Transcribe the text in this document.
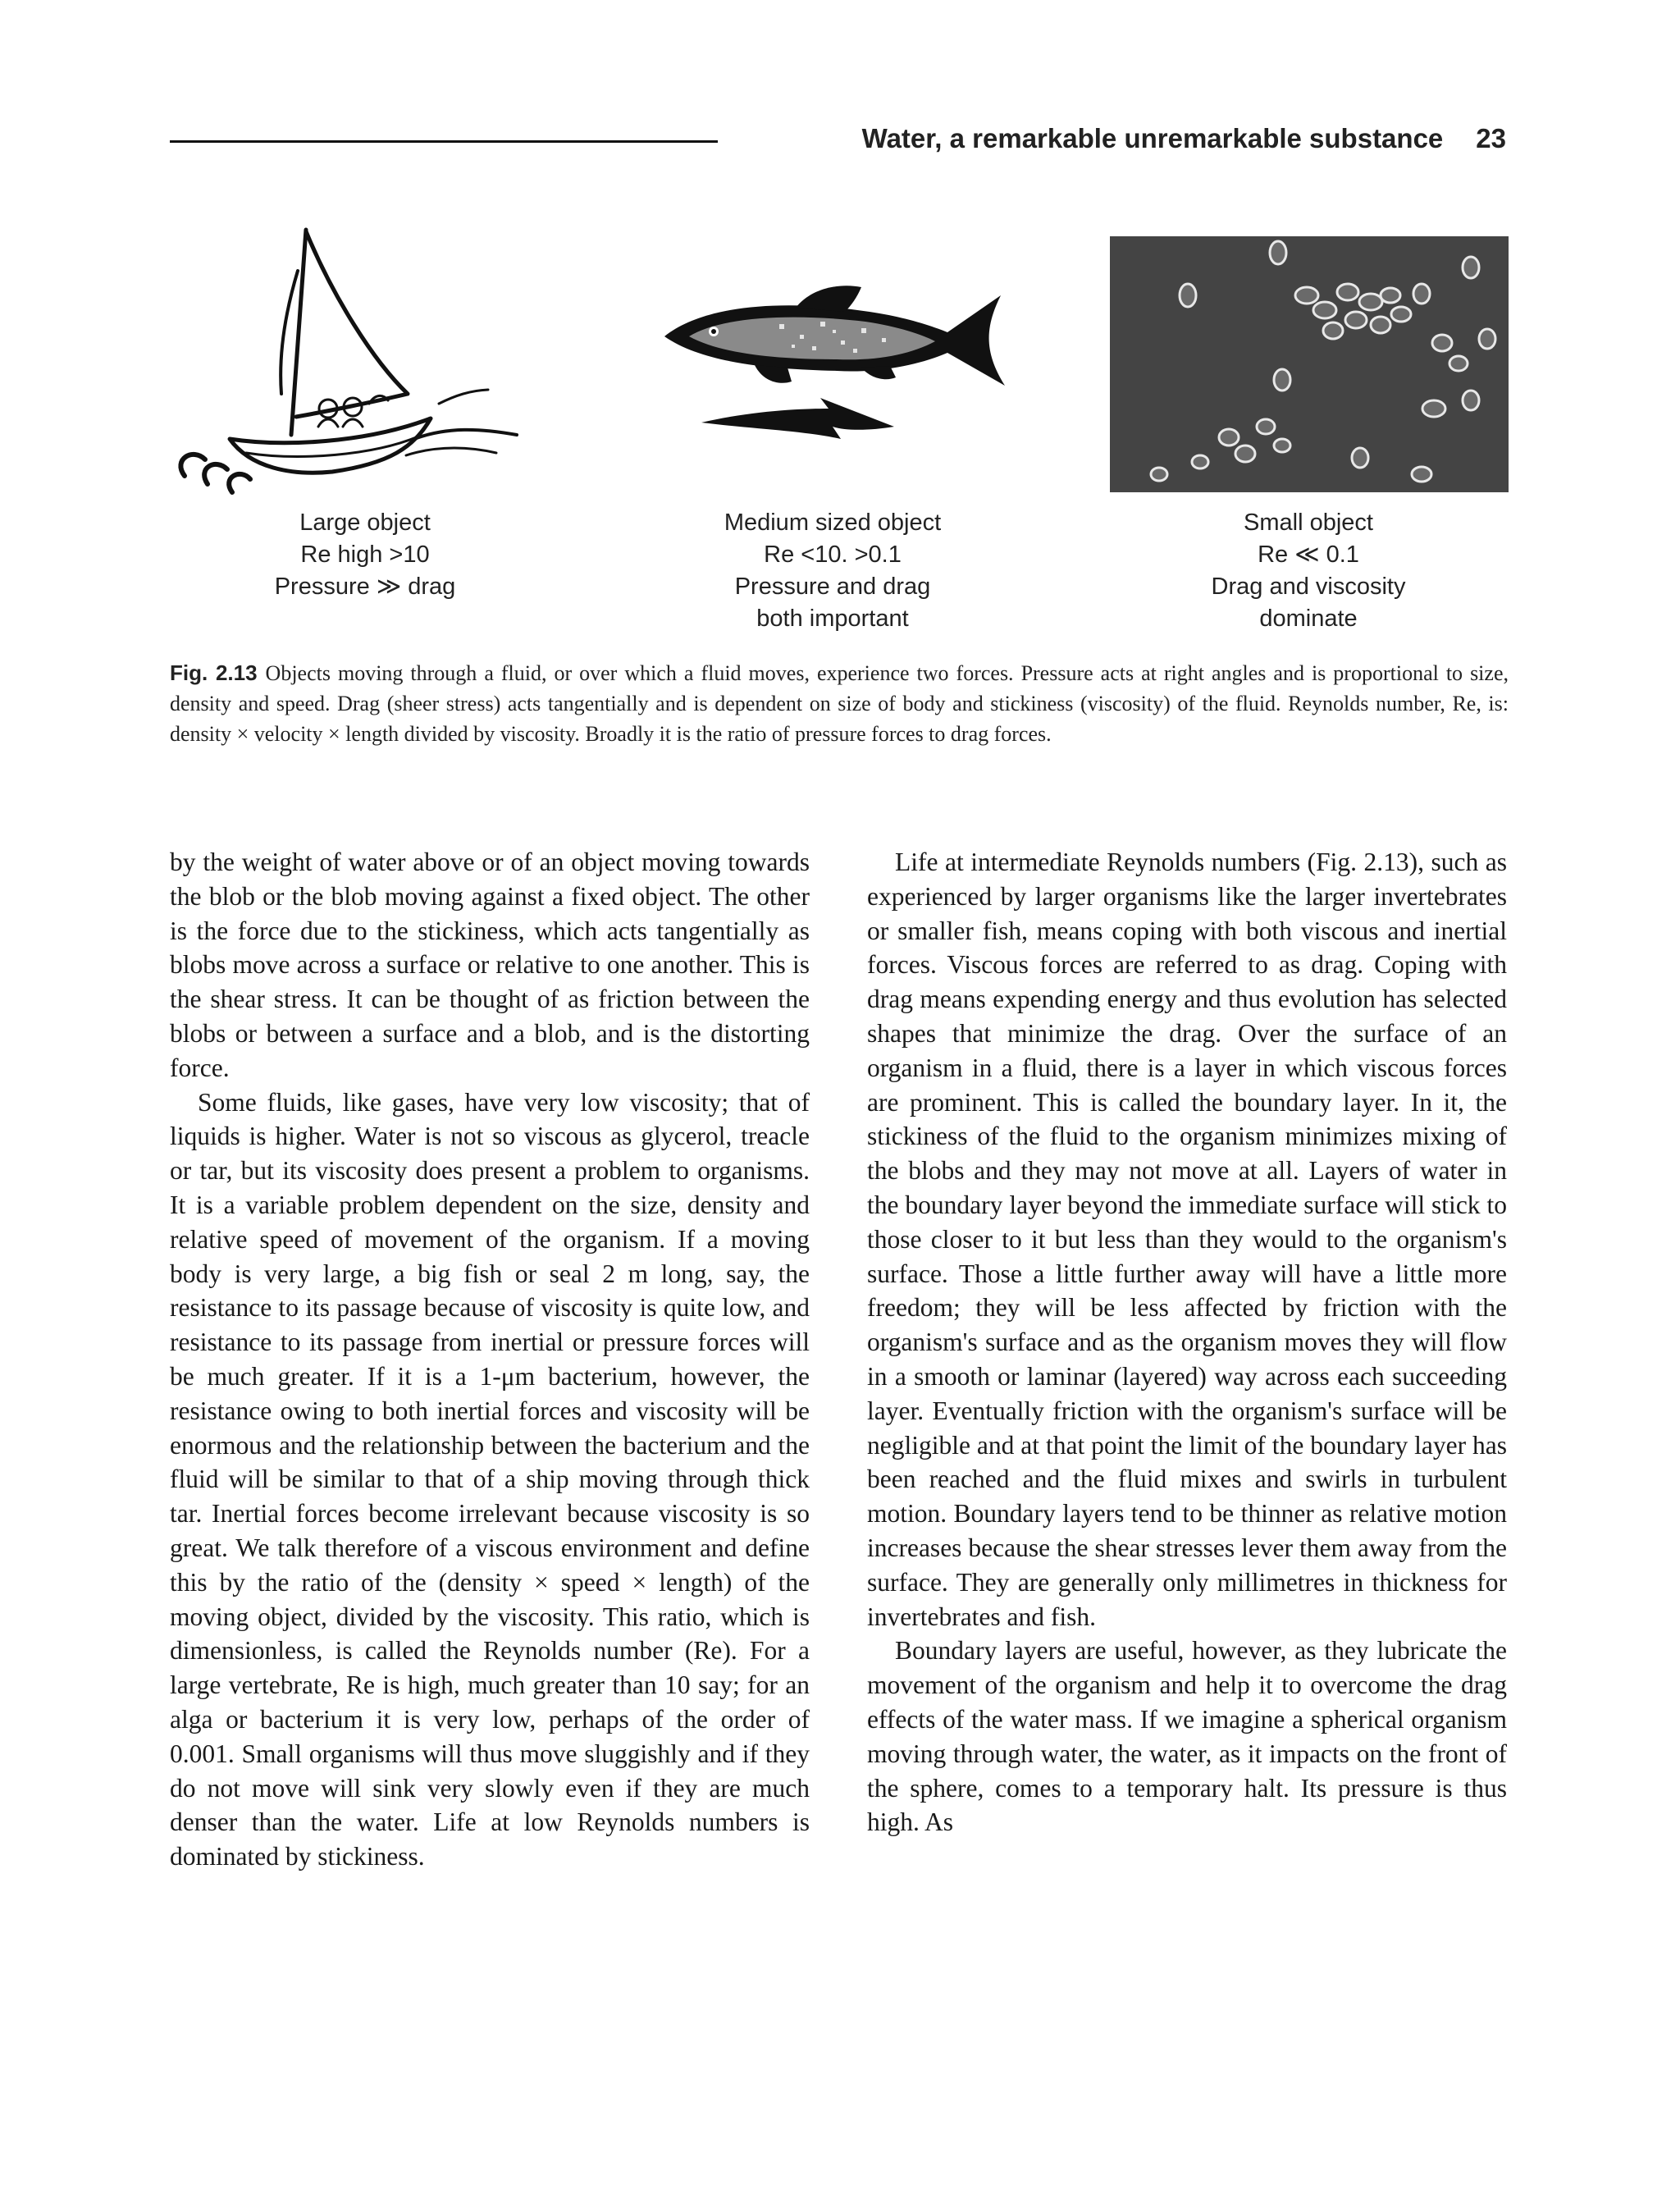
Water, a remarkable unremarkable substance 23
Large object
Re high >10
Pressure ≫ drag
Medium sized object
Re <10. >0.1
Pressure and drag
both important
Small object
Re ≪ 0.1
Drag and viscosity
dominate
Fig. 2.13 Objects moving through a fluid, or over which a fluid moves, experience two forces. Pressure acts at right angles and is proportional to size, density and speed. Drag (sheer stress) acts tangentially and is dependent on size of body and stickiness (viscosity) of the fluid. Reynolds number, Re, is: density × velocity × length divided by viscosity. Broadly it is the ratio of pressure forces to drag forces.

by the weight of water above or of an object moving towards the blob or the blob moving against a fixed object. The other is the force due to the stickiness, which acts tangentially as blobs move across a surface or relative to one another. This is the shear stress. It can be thought of as friction between the blobs or between a surface and a blob, and is the distorting force.

Some fluids, like gases, have very low viscosity; that of liquids is higher. Water is not so viscous as glycerol, treacle or tar, but its viscosity does present a problem to organisms. It is a variable problem dependent on the size, density and relative speed of movement of the organism. If a moving body is very large, a big fish or seal 2 m long, say, the resistance to its passage because of viscosity is quite low, and resistance to its passage from inertial or pressure forces will be much greater. If it is a 1-μm bacterium, however, the resistance owing to both inertial forces and viscosity will be enormous and the relationship between the bacterium and the fluid will be similar to that of a ship moving through thick tar. Inertial forces become irrelevant because viscosity is so great. We talk therefore of a viscous environment and define this by the ratio of the (density × speed × length) of the moving object, divided by the viscosity. This ratio, which is dimensionless, is called the Reynolds number (Re). For a large vertebrate, Re is high, much greater than 10 say; for an alga or bacterium it is very low, perhaps of the order of 0.001. Small organisms will thus move sluggishly and if they do not move will sink very slowly even if they are much denser than the water. Life at low Reynolds numbers is dominated by stickiness.

Life at intermediate Reynolds numbers (Fig. 2.13), such as experienced by larger organisms like the larger invertebrates or smaller fish, means coping with both viscous and inertial forces. Viscous forces are referred to as drag. Coping with drag means expending energy and thus evolution has selected shapes that minimize the drag. Over the surface of an organism in a fluid, there is a layer in which viscous forces are prominent. This is called the boundary layer. In it, the stickiness of the fluid to the organism minimizes mixing of the blobs and they may not move at all. Layers of water in the boundary layer beyond the immediate surface will stick to those closer to it but less than they would to the organism's surface. Those a little further away will have a little more freedom; they will be less affected by friction with the organism's surface and as the organism moves they will flow in a smooth or laminar (layered) way across each succeeding layer. Eventually friction with the organism's surface will be negligible and at that point the limit of the boundary layer has been reached and the fluid mixes and swirls in turbulent motion. Boundary layers tend to be thinner as relative motion increases because the shear stresses lever them away from the surface. They are generally only millimetres in thickness for invertebrates and fish.

Boundary layers are useful, however, as they lubricate the movement of the organism and help it to overcome the drag effects of the water mass. If we imagine a spherical organism moving through water, the water, as it impacts on the front of the sphere, comes to a temporary halt. Its pressure is thus high. As
